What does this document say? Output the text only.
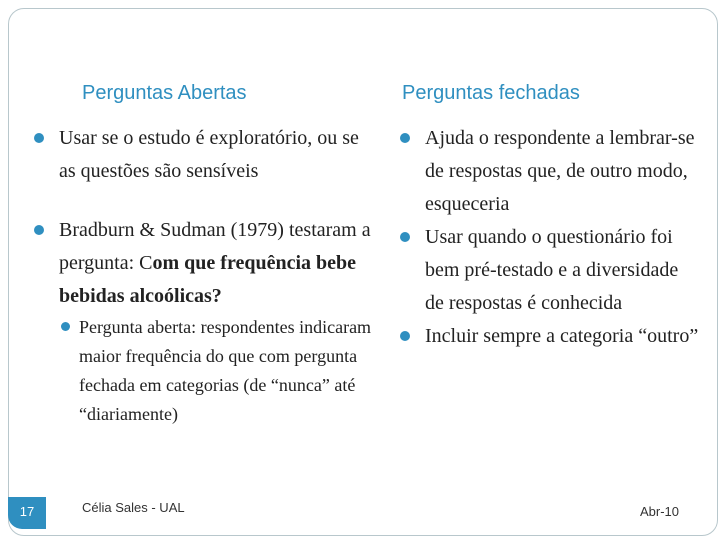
Perguntas Abertas	Perguntas fechadas
Usar se o estudo é exploratório, ou se as questões são sensíveis
Bradburn & Sudman (1979) testaram a pergunta: Com que frequência bebe bebidas alcoólicas?
Pergunta aberta: respondentes indicaram maior frequência do que com pergunta fechada em categorias (de “nunca” até “diariamente)
Ajuda o respondente a lembrar-se de respostas que, de outro modo, esqueceria
Usar quando o questionário foi bem pré-testado e a diversidade de respostas é conhecida
Incluir sempre a categoria “outro”
17	Célia Sales - UAL	Abr-10
